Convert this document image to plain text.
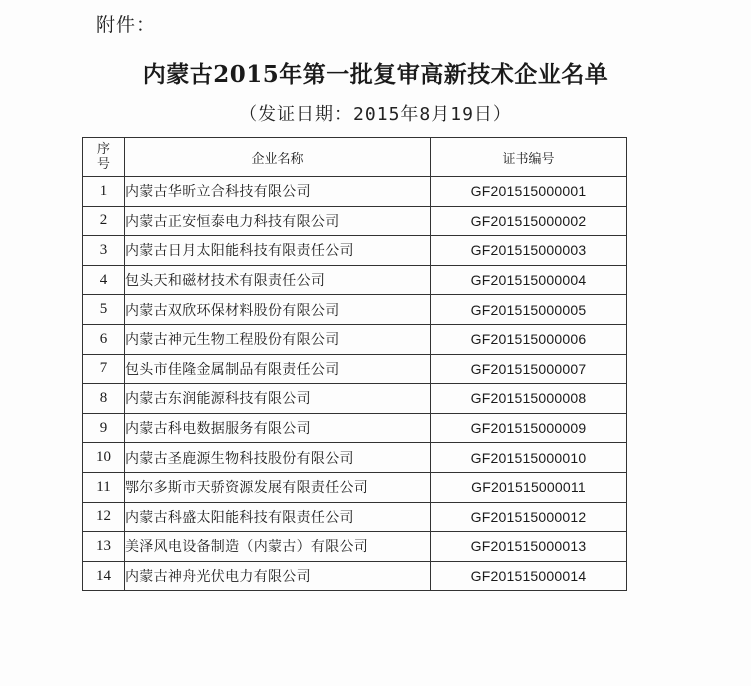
附件：
内蒙古2015年第一批复审高新技术企业名单
（发证日期：2015年8月19日）
序
号	企业名称	证书编号
1	内蒙古华昕立合科技有限公司	GF201515000001
2	内蒙古正安恒泰电力科技有限公司	GF201515000002
3	内蒙古日月太阳能科技有限责任公司	GF201515000003
4	包头天和磁材技术有限责任公司	GF201515000004
5	内蒙古双欣环保材料股份有限公司	GF201515000005
6	内蒙古神元生物工程股份有限公司	GF201515000006
7	包头市佳隆金属制品有限责任公司	GF201515000007
8	内蒙古东润能源科技有限公司	GF201515000008
9	内蒙古科电数据服务有限公司	GF201515000009
10	内蒙古圣鹿源生物科技股份有限公司	GF201515000010
11	鄂尔多斯市天骄资源发展有限责任公司	GF201515000011
12	内蒙古科盛太阳能科技有限责任公司	GF201515000012
13	美泽风电设备制造（内蒙古）有限公司	GF201515000013
14	内蒙古神舟光伏电力有限公司	GF201515000014
